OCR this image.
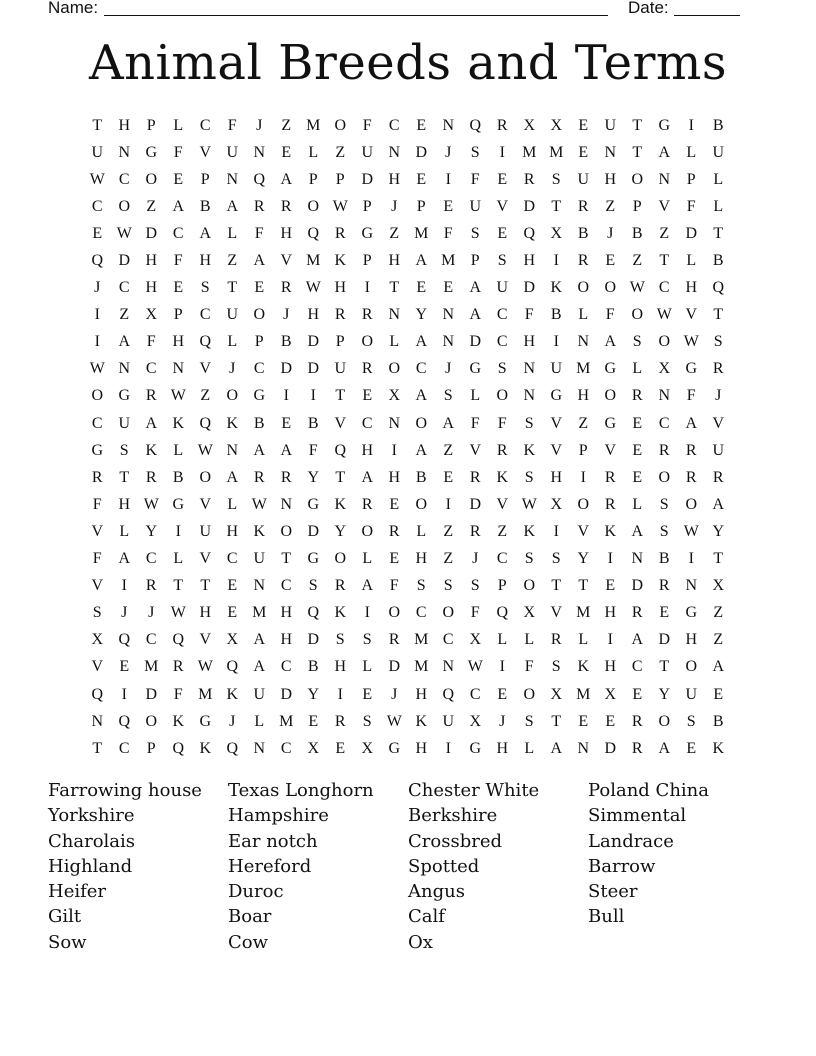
Name:	Date:
Animal Breeds and Terms
T H	P	L	C	F	J	Z M O	F	C	E N Q R X X E U T G	I	B
U N G	F	V U N E	L	Z U N D	J	S	I	M M E N T A L U
W C O E	P	N Q A	P	P	D H E	I	F	E	R	S	U H O N	P	L
C O Z A B A R R O W P	J	P	E U V D T	R	Z	P	V	F	L
E W D C A L	F	H Q R G Z M F	S	E Q X B	J	B	Z D T
Q D H	F	H Z A V M K	P	H A M P	S	H	I	R	E	Z	T	L	B
J	C H E	S	T	E	R W H	I	T	E	E A U D K O O W C H Q
I	Z X	P	C U O	J	H R R N Y N A C	F	B	L	F	O W V T
I	A	F	H Q L	P	B D	P	O L A N D C H	I	N A	S	O W S
W N C N V	J	C D D U R O C	J	G	S	N U M G L X G R
O G R W Z O G	I	I	T	E X A	S	L O N G H O R N	F	J
C U A K Q K B	E	B V C N O A	F	F	S	V Z G E	C A V
G	S	K L W N A A	F	Q H	I	A Z V R K V	P	V E	R R U
R	T	R B O A R R Y T A H B	E	R K	S	H	I	R	E O R R
F	H W G V L W N G K R	E O	I	D V W X O R	L	S	O A
V L Y	I	U H K O D Y O R	L	Z	R	Z K	I	V K A	S W Y
F	A C	L V C U T G O L	E H Z	J	C	S	S	Y	I	N B	I	T
V	I	R	T	T	E N C	S	R A	F	S	S	S	P	O T	T	E D R N X
S	J	J W H E M H Q K	I	O C O	F	Q X V M H R	E G Z
X Q C Q V X A H D	S	S	R M C X L	L	R	L	I	A D H Z
V E M R W Q A C B H L D M N W	I	F	S	K H C	T O A
Q	I	D	F M K U D Y	I	E	J	H Q C	E O X M X E Y U E
N Q O K G	J	L M E	R	S W K U X	J	S	T	E	E	R O	S	B
T	C	P	Q K Q N C X E X G H	I	G H L A N D R A E K
Farrowing house	Texas Longhorn	Chester White	Poland China
Yorkshire	Hampshire	Berkshire	Simmental
Charolais	Ear notch	Crossbred	Landrace
Highland	Hereford	Spotted	Barrow
Heifer	Duroc	Angus	Steer
Gilt	Boar	Calf	Bull
Sow	Cow	Ox
